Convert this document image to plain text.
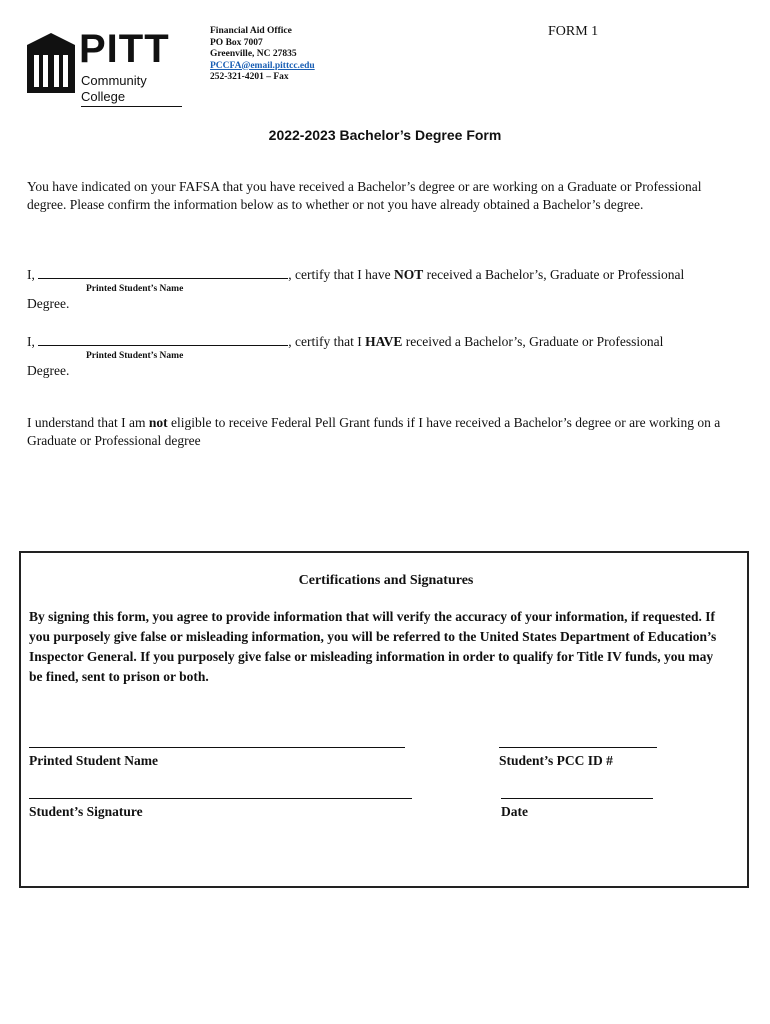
PITT
Community College
Financial Aid Office
PO Box 7007
Greenville, NC 27835
PCCFA@email.pittcc.edu
252-321-4201 – Fax
FORM 1
2022-2023 Bachelor’s Degree Form
You have indicated on your FAFSA that you have received a Bachelor’s degree or are working on a Graduate or Professional degree. Please confirm the information below as to whether or not you have already obtained a Bachelor’s degree.
I,	, certify that I have NOT received a Bachelor’s, Graduate or Professional
Printed Student’s Name
Degree.
I,	, certify that I HAVE received a Bachelor’s, Graduate or Professional
Printed Student’s Name
Degree.
I understand that I am not eligible to receive Federal Pell Grant funds if I have received a Bachelor’s degree or are working on a Graduate or Professional degree
Certifications and Signatures
By signing this form, you agree to provide information that will verify the accuracy of your information, if requested. If you purposely give false or misleading information, you will be referred to the United States Department of Education’s Inspector General. If you purposely give false or misleading information in order to qualify for Title IV funds, you may be fined, sent to prison or both.
Printed Student Name	Student’s PCC ID #
Student’s Signature	Date
